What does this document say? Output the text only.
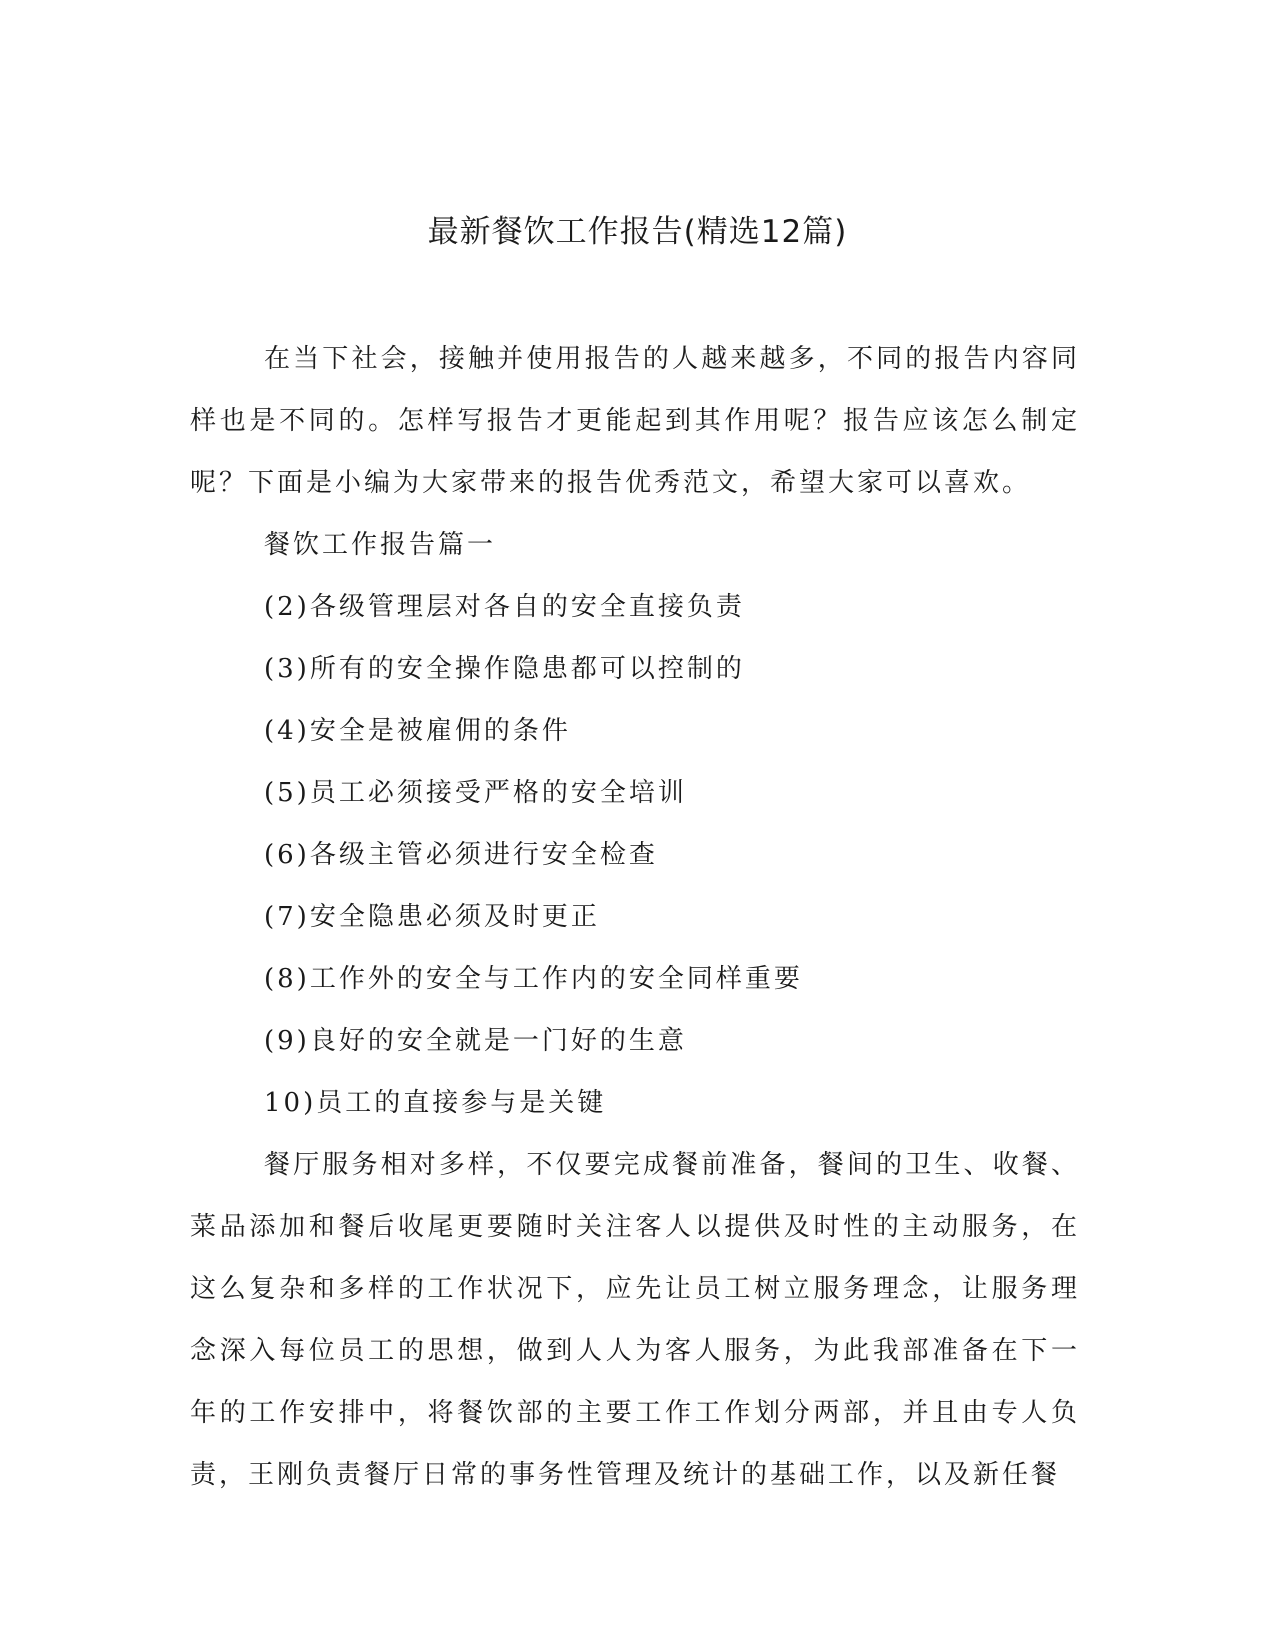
最新餐饮工作报告(精选12篇)

在当下社会，接触并使用报告的人越来越多，不同的报告内容同样也是不同的。怎样写报告才更能起到其作用呢？报告应该怎么制定呢？下面是小编为大家带来的报告优秀范文，希望大家可以喜欢。

餐饮工作报告篇一

(2)各级管理层对各自的安全直接负责

(3)所有的安全操作隐患都可以控制的

(4)安全是被雇佣的条件

(5)员工必须接受严格的安全培训

(6)各级主管必须进行安全检查

(7)安全隐患必须及时更正

(8)工作外的安全与工作内的安全同样重要

(9)良好的安全就是一门好的生意

10)员工的直接参与是关键

餐厅服务相对多样，不仅要完成餐前准备，餐间的卫生、收餐、菜品添加和餐后收尾更要随时关注客人以提供及时性的主动服务，在这么复杂和多样的工作状况下，应先让员工树立服务理念，让服务理念深入每位员工的思想，做到人人为客人服务，为此我部准备在下一年的工作安排中，将餐饮部的主要工作工作划分两部，并且由专人负责，王刚负责餐厅日常的事务性管理及统计的基础工作，以及新任餐
